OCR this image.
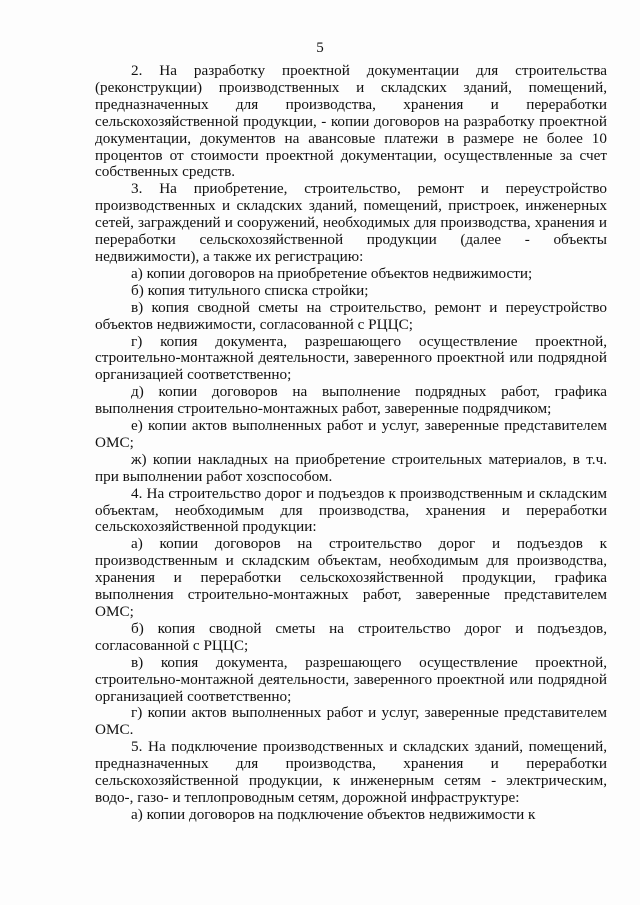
5

2. На разработку проектной документации для строительства (реконструкции) производственных и складских зданий, помещений, предназначенных для производства, хранения и переработки сельскохозяйственной продукции, - копии договоров на разработку проектной документации, документов на авансовые платежи в размере не более 10 процентов от стоимости проектной документации, осуществленные за счет собственных средств.

3. На приобретение, строительство, ремонт и переустройство производственных и складских зданий, помещений, пристроек, инженерных сетей, заграждений и сооружений, необходимых для производства, хранения и переработки сельскохозяйственной продукции (далее - объекты недвижимости), а также их регистрацию:

а) копии договоров на приобретение объектов недвижимости;

б) копия титульного списка стройки;

в) копия сводной сметы на строительство, ремонт и переустройство объектов недвижимости, согласованной с РЦЦС;

г) копия документа, разрешающего осуществление проектной, строительно-монтажной деятельности, заверенного проектной или подрядной организацией соответственно;

д) копии договоров на выполнение подрядных работ, графика выполнения строительно-монтажных работ, заверенные подрядчиком;

е) копии актов выполненных работ и услуг, заверенные представителем ОМС;

ж) копии накладных на приобретение строительных материалов, в т.ч. при выполнении работ хозспособом.

4. На строительство дорог и подъездов к производственным и складским объектам, необходимым для производства, хранения и переработки сельскохозяйственной продукции:

а) копии договоров на строительство дорог и подъездов к производственным и складским объектам, необходимым для производства, хранения и переработки сельскохозяйственной продукции, графика выполнения строительно-монтажных работ, заверенные представителем ОМС;

б) копия сводной сметы на строительство дорог и подъездов, согласованной с РЦЦС;

в) копия документа, разрешающего осуществление проектной, строительно-монтажной деятельности, заверенного проектной или подрядной организацией соответственно;

г) копии актов выполненных работ и услуг, заверенные представителем ОМС.

5. На подключение производственных и складских зданий, помещений, предназначенных для производства, хранения и переработки сельскохозяйственной продукции, к инженерным сетям - электрическим, водо-, газо- и теплопроводным сетям, дорожной инфраструктуре:

а) копии договоров на подключение объектов недвижимости к
